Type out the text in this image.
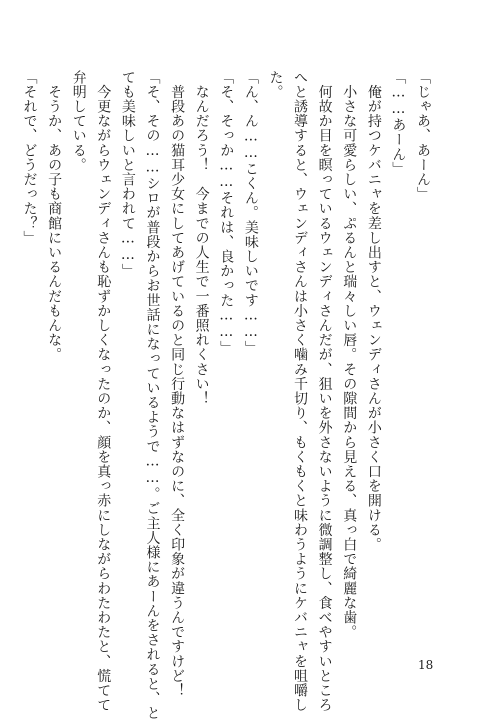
「じゃあ、あーん」
「……あーん」
　俺が持つケバニャを差し出すと、ウェンディさんが小さく口を開ける。
　小さな可愛らしい、ぷるんと瑞々しい唇。その隙間から見える、真っ白で綺麗な歯。
　何故か目を瞑っているウェンディさんだが、狙いを外さないように微調整し、食べやすいところ
へと誘導すると、ウェンディさんは小さく噛み千切り、もくもくと味わうようにケバニャを咀嚼し
た。
「ん、ん……こくん。美味しいです……」
「そ、そっか……それは、良かった……」
　なんだろう！　今までの人生で一番照れくさい！
　普段あの猫耳少女にしてあげているのと同じ行動なはずなのに、全く印象が違うんですけど！
「そ、その……シロが普段からお世話になっているようで……。ご主人様にあーんをされると、と
ても美味しいと言われて……」
　今更ながらウェンディさんも恥ずかしくなったのか、顔を真っ赤にしながらわたわたと、慌てて
弁明している。
　そうか、あの子も商館にいるんだもんな。
「それで、どうだった？」
18
